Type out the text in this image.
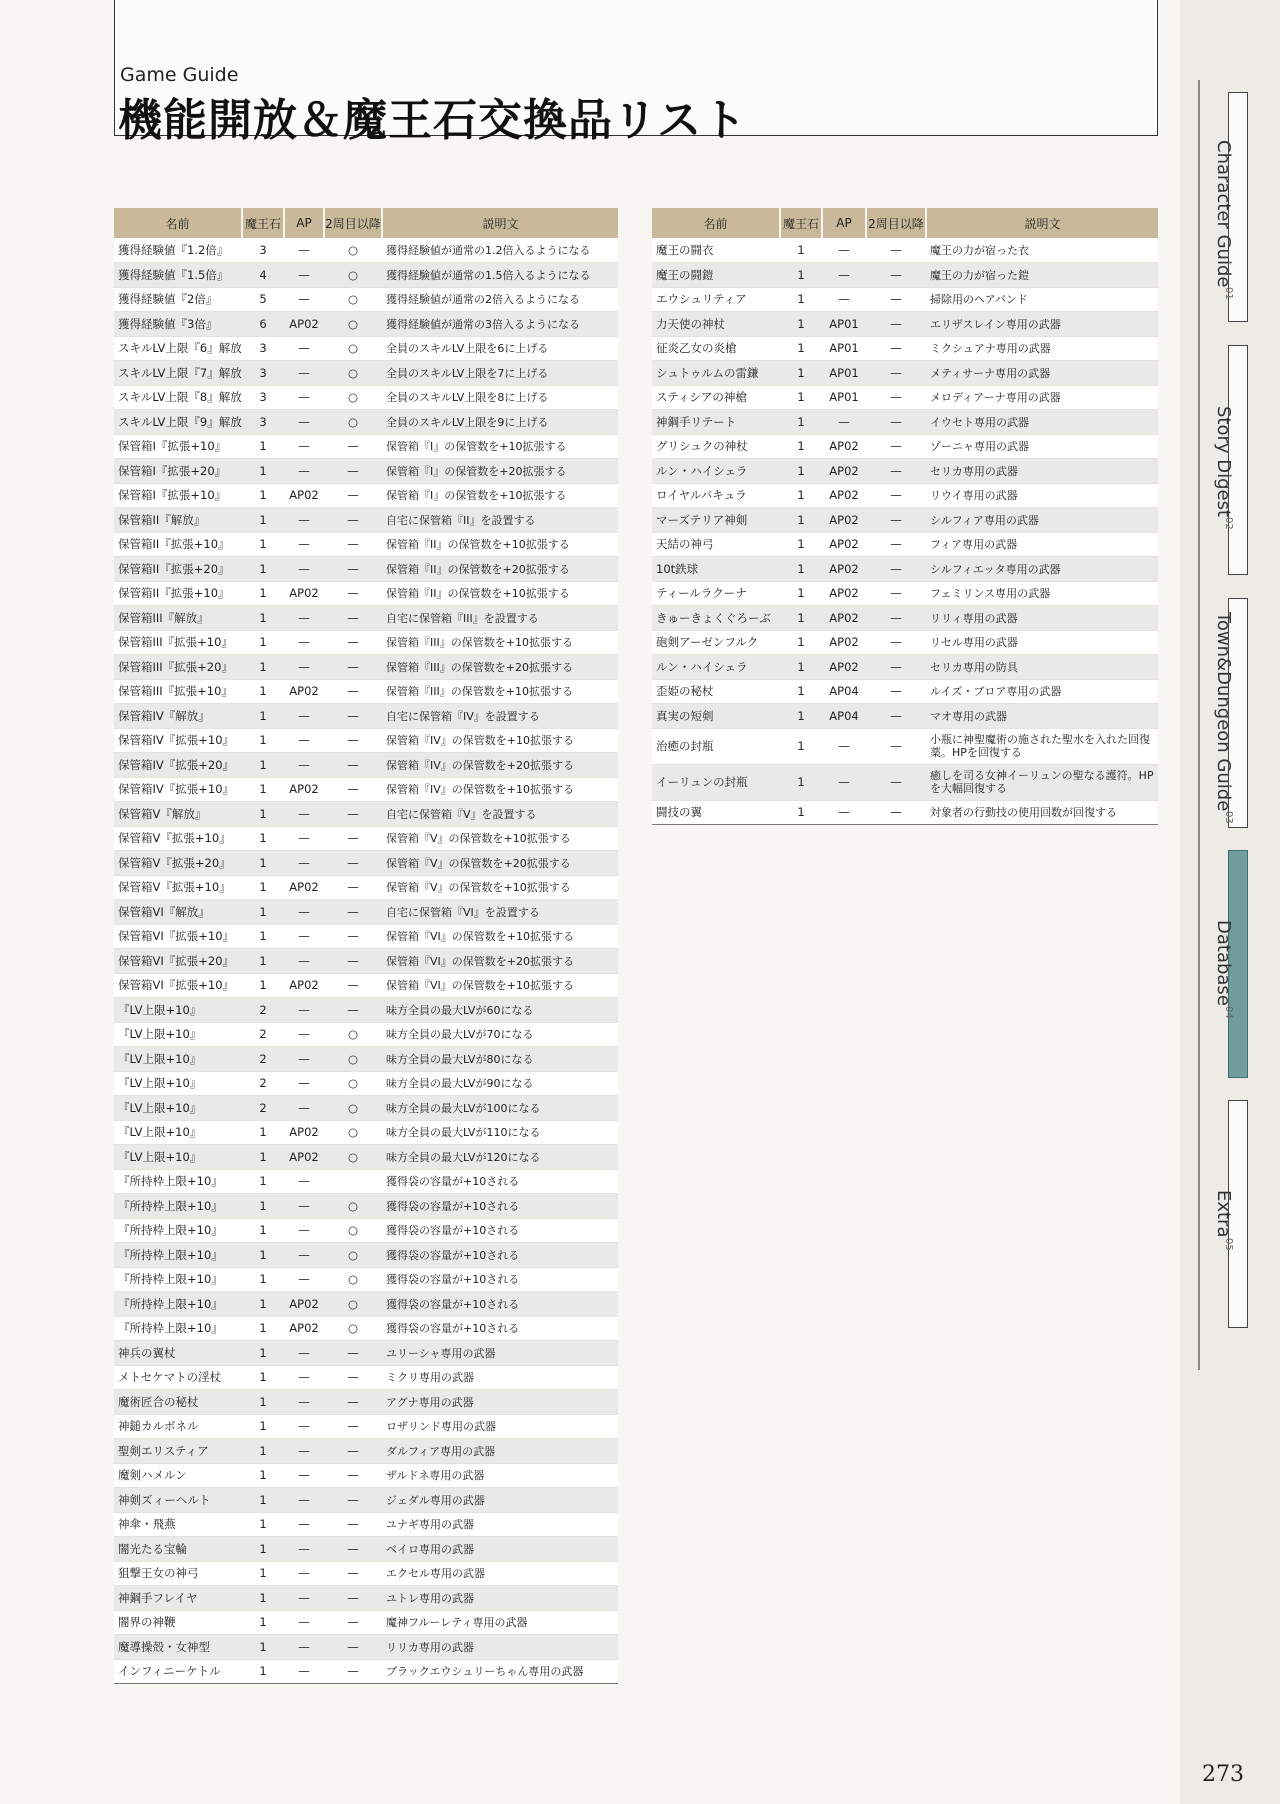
Game Guide
機能開放＆魔王石交換品リスト
名前	魔王石	AP	2周目以降	説明文
獲得経験値『1.2倍』	3	—	○	獲得経験値が通常の1.2倍入るようになる
獲得経験値『1.5倍』	4	—	○	獲得経験値が通常の1.5倍入るようになる
獲得経験値『2倍』	5	—	○	獲得経験値が通常の2倍入るようになる
獲得経験値『3倍』	6	AP02	○	獲得経験値が通常の3倍入るようになる
スキルLV上限『6』解放	3	—	○	全員のスキルLV上限を6に上げる
スキルLV上限『7』解放	3	—	○	全員のスキルLV上限を7に上げる
スキルLV上限『8』解放	3	—	○	全員のスキルLV上限を8に上げる
スキルLV上限『9』解放	3	—	○	全員のスキルLV上限を9に上げる
保管箱I『拡張+10』	1	—	—	保管箱『I』の保管数を+10拡張する
保管箱I『拡張+20』	1	—	—	保管箱『I』の保管数を+20拡張する
保管箱I『拡張+10』	1	AP02	—	保管箱『I』の保管数を+10拡張する
保管箱II『解放』	1	—	—	自宅に保管箱『II』を設置する
保管箱II『拡張+10』	1	—	—	保管箱『II』の保管数を+10拡張する
保管箱II『拡張+20』	1	—	—	保管箱『II』の保管数を+20拡張する
保管箱II『拡張+10』	1	AP02	—	保管箱『II』の保管数を+10拡張する
保管箱III『解放』	1	—	—	自宅に保管箱『III』を設置する
保管箱III『拡張+10』	1	—	—	保管箱『III』の保管数を+10拡張する
保管箱III『拡張+20』	1	—	—	保管箱『III』の保管数を+20拡張する
保管箱III『拡張+10』	1	AP02	—	保管箱『III』の保管数を+10拡張する
保管箱IV『解放』	1	—	—	自宅に保管箱『IV』を設置する
保管箱IV『拡張+10』	1	—	—	保管箱『IV』の保管数を+10拡張する
保管箱IV『拡張+20』	1	—	—	保管箱『IV』の保管数を+20拡張する
保管箱IV『拡張+10』	1	AP02	—	保管箱『IV』の保管数を+10拡張する
保管箱V『解放』	1	—	—	自宅に保管箱『V』を設置する
保管箱V『拡張+10』	1	—	—	保管箱『V』の保管数を+10拡張する
保管箱V『拡張+20』	1	—	—	保管箱『V』の保管数を+20拡張する
保管箱V『拡張+10』	1	AP02	—	保管箱『V』の保管数を+10拡張する
保管箱VI『解放』	1	—	—	自宅に保管箱『VI』を設置する
保管箱VI『拡張+10』	1	—	—	保管箱『VI』の保管数を+10拡張する
保管箱VI『拡張+20』	1	—	—	保管箱『VI』の保管数を+20拡張する
保管箱VI『拡張+10』	1	AP02	—	保管箱『VI』の保管数を+10拡張する
『LV上限+10』	2	—	—	味方全員の最大LVが60になる
『LV上限+10』	2	—	○	味方全員の最大LVが70になる
『LV上限+10』	2	—	○	味方全員の最大LVが80になる
『LV上限+10』	2	—	○	味方全員の最大LVが90になる
『LV上限+10』	2	—	○	味方全員の最大LVが100になる
『LV上限+10』	1	AP02	○	味方全員の最大LVが110になる
『LV上限+10』	1	AP02	○	味方全員の最大LVが120になる
『所持枠上限+10』	1	—		獲得袋の容量が+10される
『所持枠上限+10』	1	—	○	獲得袋の容量が+10される
『所持枠上限+10』	1	—	○	獲得袋の容量が+10される
『所持枠上限+10』	1	—	○	獲得袋の容量が+10される
『所持枠上限+10』	1	—	○	獲得袋の容量が+10される
『所持枠上限+10』	1	AP02	○	獲得袋の容量が+10される
『所持枠上限+10』	1	AP02	○	獲得袋の容量が+10される
神兵の翼杖	1	—	—	ユリーシャ専用の武器
メトセケマトの淫杖	1	—	—	ミクリ専用の武器
魔術匠合の秘杖	1	—	—	アグナ専用の武器
神鎚カルボネル	1	—	—	ロザリンド専用の武器
聖剣エリスティア	1	—	—	ダルフィア専用の武器
魔剣ハメルン	1	—	—	ザルドネ専用の武器
神剣ズィーヘルト	1	—	—	ジェダル専用の武器
神傘・飛燕	1	—	—	ユナギ専用の武器
闇光たる宝輪	1	—	—	ベイロ専用の武器
狙撃王女の神弓	1	—	—	エクセル専用の武器
神鋼手フレイヤ	1	—	—	ユトレ専用の武器
闇界の神鞭	1	—	—	魔神フルーレティ専用の武器
魔導操殻・女神型	1	—	—	リリカ専用の武器
インフィニーケトル	1	—	—	ブラックエウシュリーちゃん専用の武器
名前	魔王石	AP	2周目以降	説明文
魔王の闘衣	1	—	—	魔王の力が宿った衣
魔王の闘鎧	1	—	—	魔王の力が宿った鎧
エウシュリティア	1	—	—	掃除用のヘアバンド
力天使の神杖	1	AP01	—	エリザスレイン専用の武器
征炎乙女の炎槍	1	AP01	—	ミクシュアナ専用の武器
シュトゥルムの雷鎌	1	AP01	—	メティサーナ専用の武器
スティシアの神槍	1	AP01	—	メロディアーナ専用の武器
神鋼手リテート	1	—	—	イウセト専用の武器
グリシュクの神杖	1	AP02	—	ゾーニャ専用の武器
ルン・ハイシェラ	1	AP02	—	セリカ専用の武器
ロイヤルバキュラ	1	AP02	—	リウイ専用の武器
マーズテリア神剣	1	AP02	—	シルフィア専用の武器
天結の神弓	1	AP02	—	フィア専用の武器
10t鉄球	1	AP02	—	シルフィエッタ専用の武器
ティールラクーナ	1	AP02	—	フェミリンス専用の武器
きゅーきょくぐろーぶ	1	AP02	—	リリィ専用の武器
砲剣アーゼンフルク	1	AP02	—	リセル専用の武器
ルン・ハイシェラ	1	AP02	—	セリカ専用の防具
歪姫の秘杖	1	AP04	—	ルイズ・ブロア専用の武器
真実の短剣	1	AP04	—	マオ専用の武器
治癒の封瓶	1	—	—	小瓶に神聖魔術の施された聖水を入れた回復薬。HPを回復する
イーリュンの封瓶	1	—	—	癒しを司る女神イーリュンの聖なる護符。HPを大幅回復する
闘技の翼	1	—	—	対象者の行動技の使用回数が回復する
Character Guide
01
Story Digest
02
Town&Dungeon Guide
03
Database
04
Extra
05
273
